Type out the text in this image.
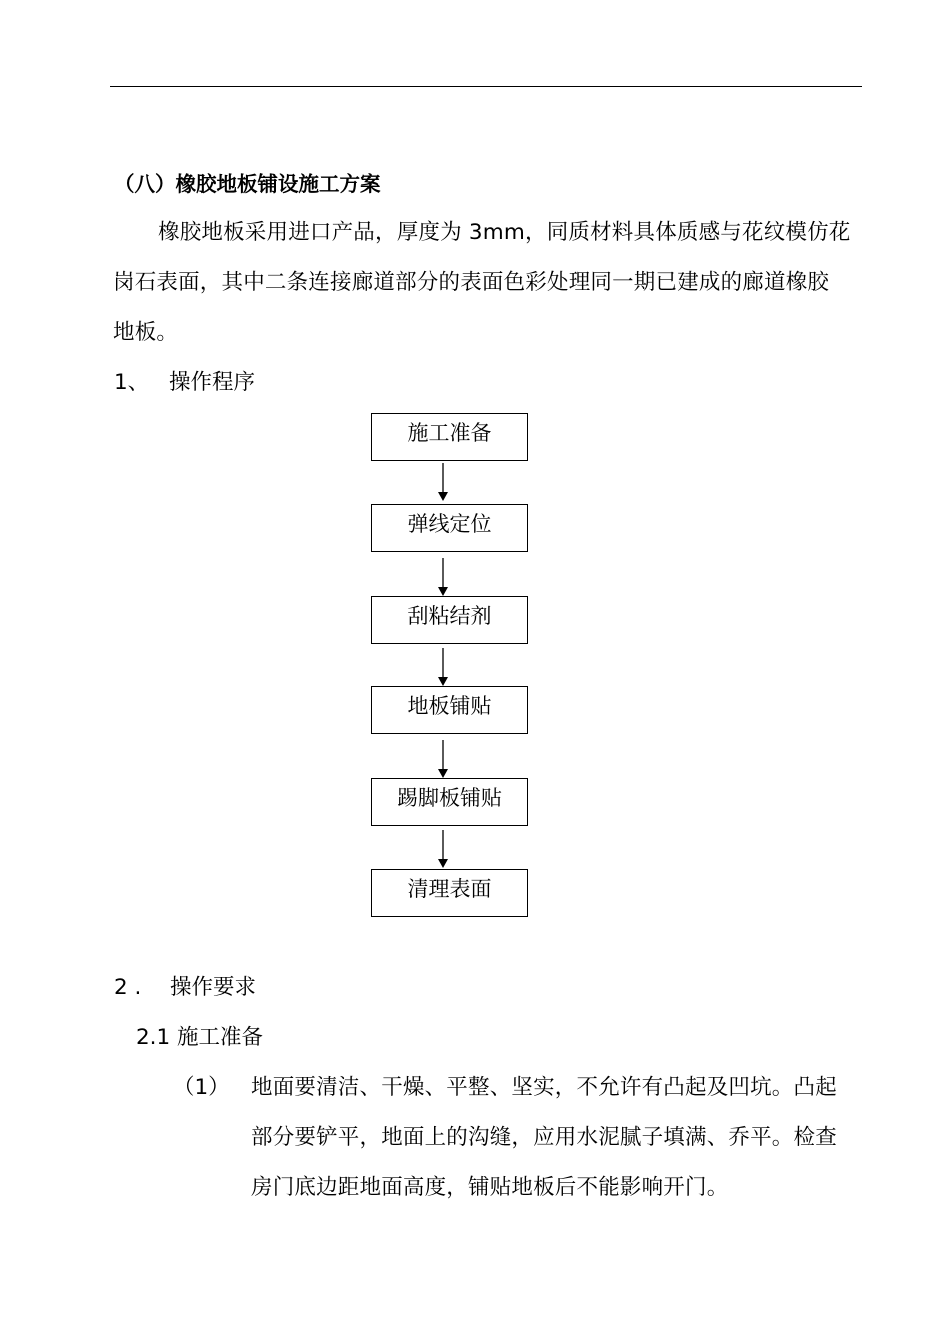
（八）橡胶地板铺设施工方案

橡胶地板采用进口产品，厚度为 3mm，同质材料具体质感与花纹模仿花

岗石表面，其中二条连接廊道部分的表面色彩处理同一期已建成的廊道橡胶

地板。

1、 操作程序

施工准备
弹线定位
刮粘结剂
地板铺贴
踢脚板铺贴
清理表面

2 . 操作要求

2.1 施工准备

（1） 地面要清洁、干燥、平整、坚实，不允许有凸起及凹坑。凸起

部分要铲平，地面上的沟缝，应用水泥腻子填满、乔平。检查

房门底边距地面高度，铺贴地板后不能影响开门。
